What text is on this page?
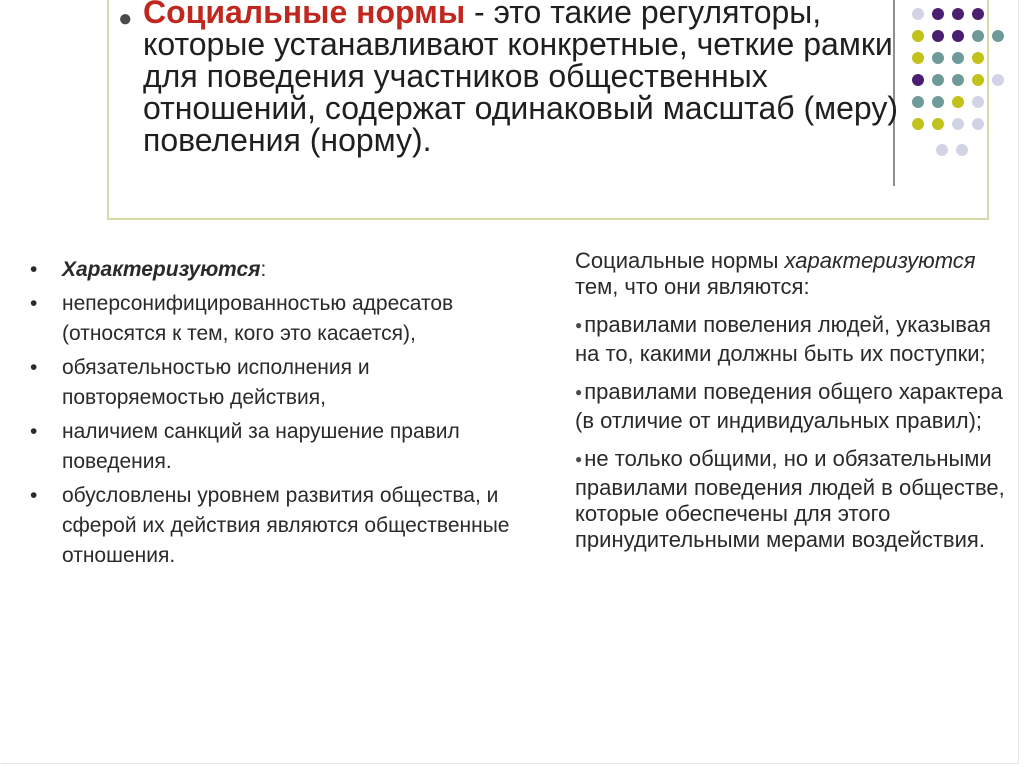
● Социальные нормы - это такие регуляторы, которые устанавливают конкретные, четкие рамки для поведения участников общественных отношений, содержат одинаковый масштаб (меру) повеления (норму).
• Характеризуются:
• неперсонифицированностью адресатов (относятся к тем, кого это касается),
• обязательностью исполнения и повторяемостью действия,
• наличием санкций за нарушение правил поведения.
• обусловлены уровнем развития общества, и сферой их действия являются общественные отношения.
Социальные нормы характеризуются тем, что они являются:
●правилами повеления людей, указывая на то, какими должны быть их поступки;
●правилами поведения общего характера (в отличие от индивидуальных правил);
●не только общими, но и обязательными правилами поведения людей в обществе, которые обеспечены для этого принудительными мерами воздействия.
